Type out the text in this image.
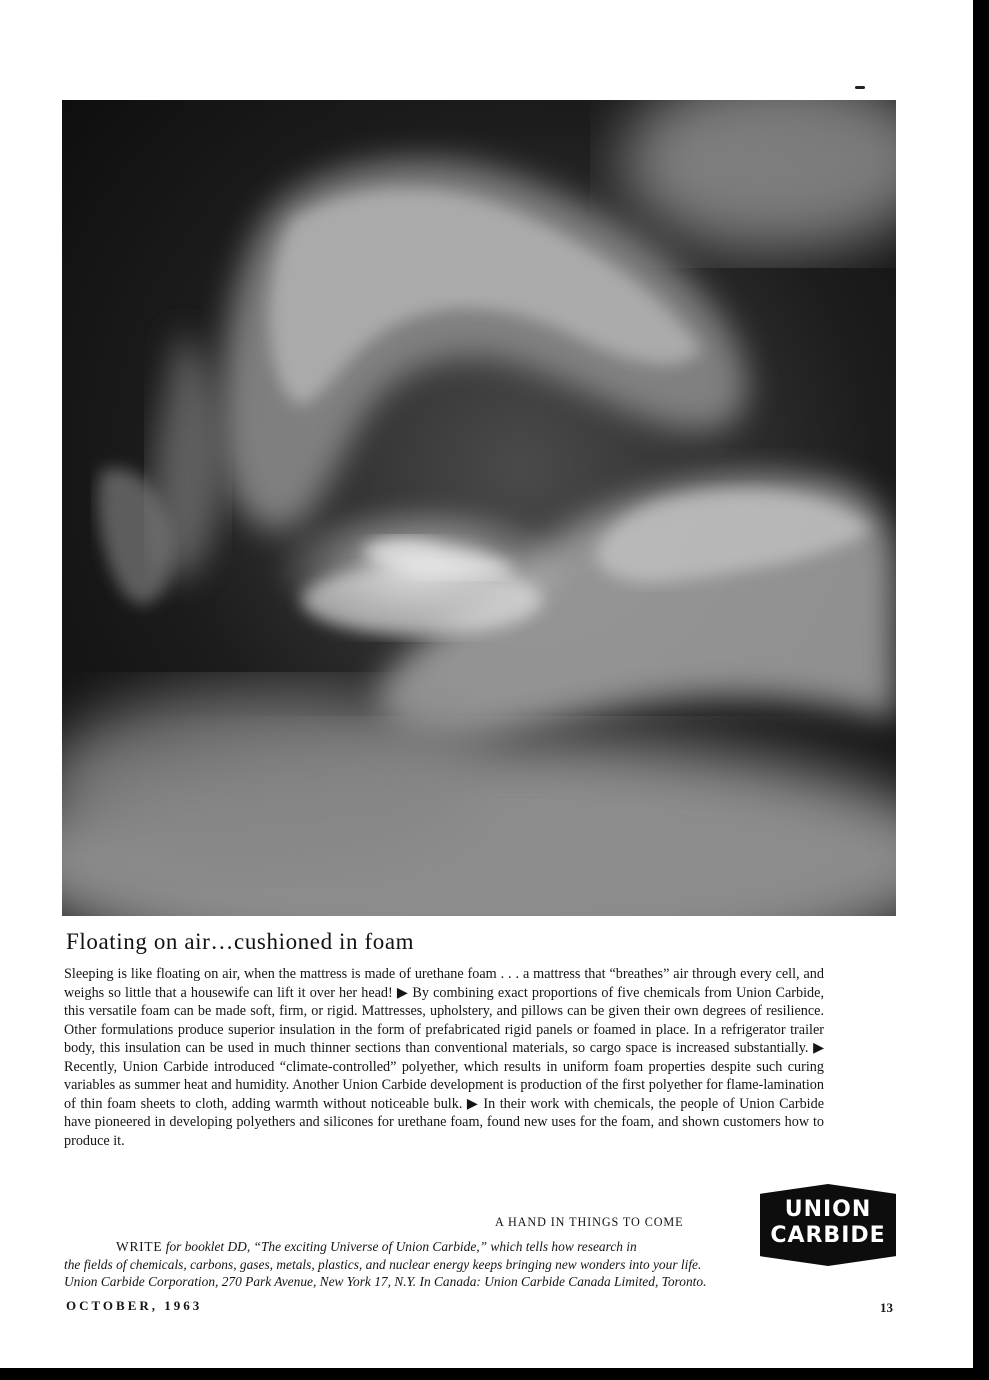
Floating on air…cushioned in foam

Sleeping is like floating on air, when the mattress is made of urethane foam . . . a mattress that “breathes” air through every cell, and weighs so little that a housewife can lift it over her head! ▶ By combining exact proportions of five chemicals from Union Carbide, this versatile foam can be made soft, firm, or rigid. Mattresses, upholstery, and pillows can be given their own degrees of resilience. Other formulations produce superior insulation in the form of prefabricated rigid panels or foamed in place. In a refrigerator trailer body, this insulation can be used in much thinner sections than conventional materials, so cargo space is increased substantially. ▶ Recently, Union Carbide introduced “climate-controlled” polyether, which results in uniform foam properties despite such curing variables as summer heat and humidity. Another Union Carbide development is production of the first polyether for flame-lamination of thin foam sheets to cloth, adding warmth without noticeable bulk. ▶ In their work with chemicals, the people of Union Carbide have pioneered in developing polyethers and silicones for urethane foam, found new uses for the foam, and shown customers how to produce it.

A HAND IN THINGS TO COME	UNION
CARBIDE
WRITE for booklet DD, “The exciting Universe of Union Carbide,” which tells how research in
the fields of chemicals, carbons, gases, metals, plastics, and nuclear energy keeps bringing new wonders into your life.
Union Carbide Corporation, 270 Park Avenue, New York 17, N.Y. In Canada: Union Carbide Canada Limited, Toronto.
OCTOBER, 1963	13
